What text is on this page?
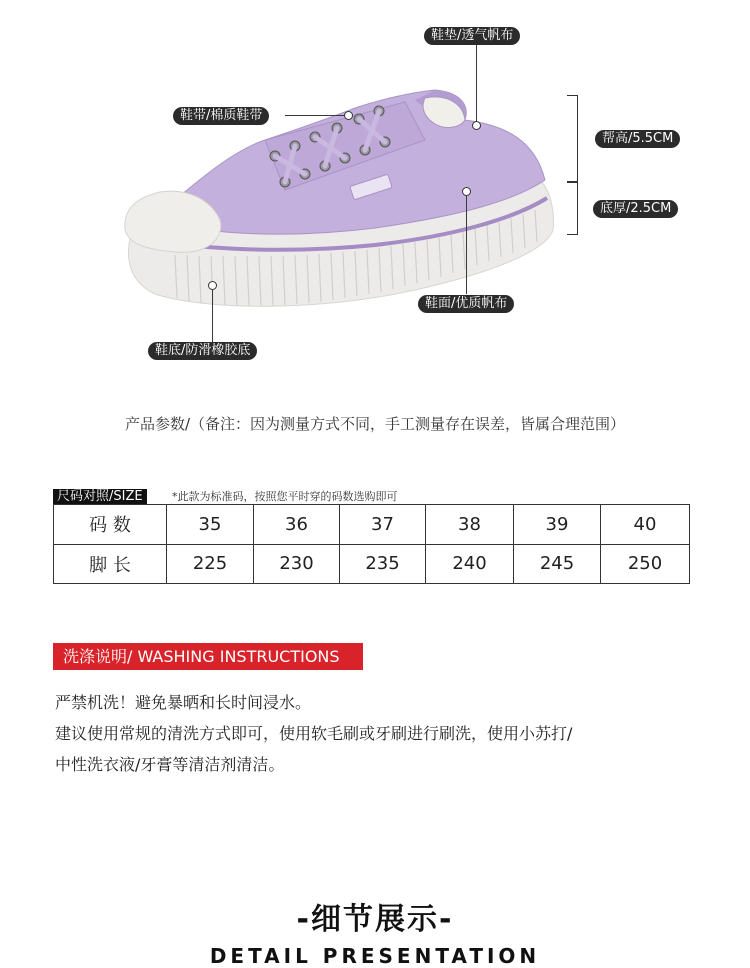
鞋垫/透气帆布
鞋带/棉质鞋带
帮高/5.5CM
底厚/2.5CM
鞋面/优质帆布
鞋底/防滑橡胶底
产品参数/（备注：因为测量方式不同，手工测量存在误差，皆属合理范围）
尺码对照/SIZE	*此款为标准码，按照您平时穿的码数选购即可
码 数	35	36	37	38	39	40
脚 长	225	230	235	240	245	250
洗涤说明/ WASHING INSTRUCTIONS
严禁机洗！避免暴晒和长时间浸水。
建议使用常规的清洗方式即可，使用软毛刷或牙刷进行刷洗，使用小苏打/
中性洗衣液/牙膏等清洁剂清洁。
-细节展示-
DETAIL PRESENTATION
